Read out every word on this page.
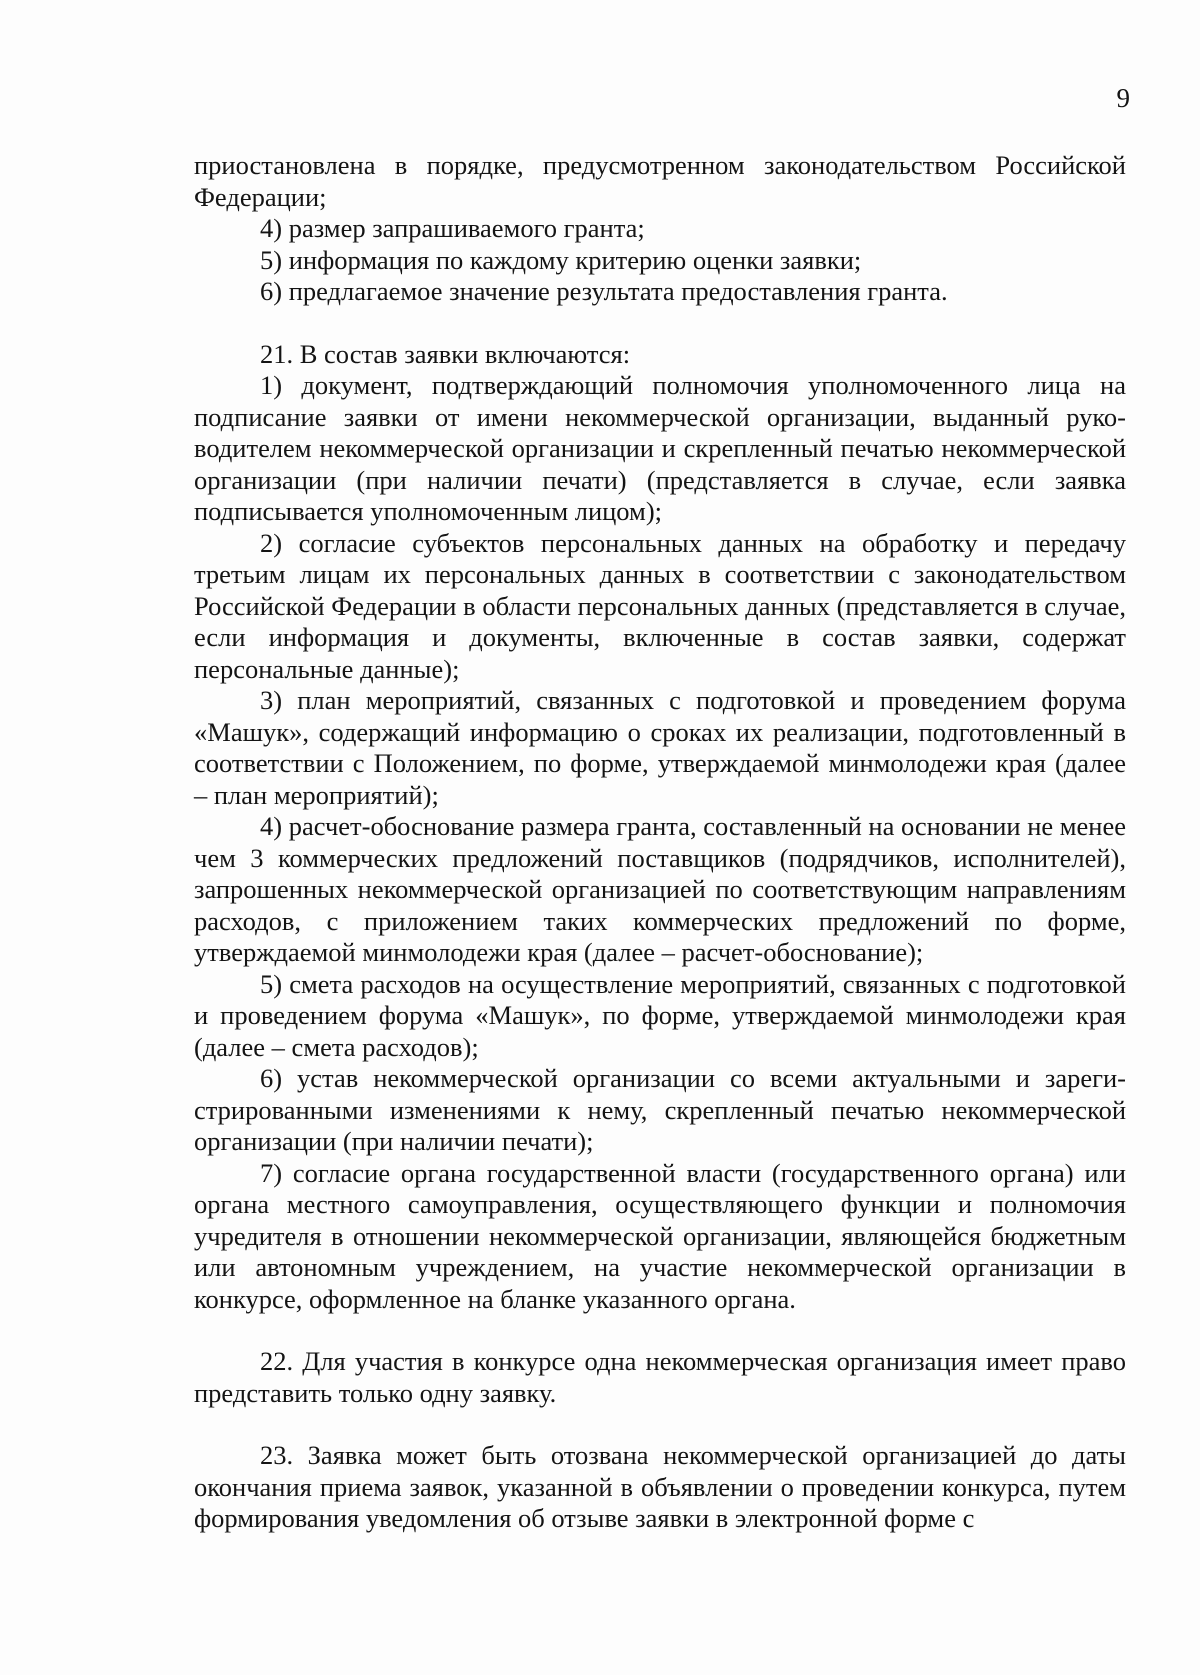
9

приостановлена в порядке, предусмотренном законодательством Российской Федерации;

4) размер запрашиваемого гранта;

5) информация по каждому критерию оценки заявки;

6) предлагаемое значение результата предоставления гранта.

21. В состав заявки включаются:

1) документ, подтверждающий полномочия уполномоченного лица на подписание заявки от имени некоммерческой организации, выданный руководителем некоммерческой организации и скрепленный печатью некоммерческой организации (при наличии печати) (представляется в случае, если заявка подписывается уполномоченным лицом);

2) согласие субъектов персональных данных на обработку и передачу третьим лицам их персональных данных в соответствии с законодательством Российской Федерации в области персональных данных (представляется в случае, если информация и документы, включенные в состав заявки, содержат персональные данные);

3) план мероприятий, связанных с подготовкой и проведением форума «Машук», содержащий информацию о сроках их реализации, подготовленный в соответствии с Положением, по форме, утверждаемой минмолодежи края (далее – план мероприятий);

4) расчет-обоснование размера гранта, составленный на основании не менее чем 3 коммерческих предложений поставщиков (подрядчиков, исполнителей), запрошенных некоммерческой организацией по соответствующим направлениям расходов, с приложением таких коммерческих предложений по форме, утверждаемой минмолодежи края (далее – расчет-обоснование);

5) смета расходов на осуществление мероприятий, связанных с подготовкой и проведением форума «Машук», по форме, утверждаемой минмолодежи края (далее – смета расходов);

6) устав некоммерческой организации со всеми актуальными и зарегистрированными изменениями к нему, скрепленный печатью некоммерческой организации (при наличии печати);

7) согласие органа государственной власти (государственного органа) или органа местного самоуправления, осуществляющего функции и полномочия учредителя в отношении некоммерческой организации, являющейся бюджетным или автономным учреждением, на участие некоммерческой организации в конкурсе, оформленное на бланке указанного органа.

22. Для участия в конкурсе одна некоммерческая организация имеет право представить только одну заявку.

23. Заявка может быть отозвана некоммерческой организацией до даты окончания приема заявок, указанной в объявлении о проведении конкурса, путем формирования уведомления об отзыве заявки в электронной форме с
